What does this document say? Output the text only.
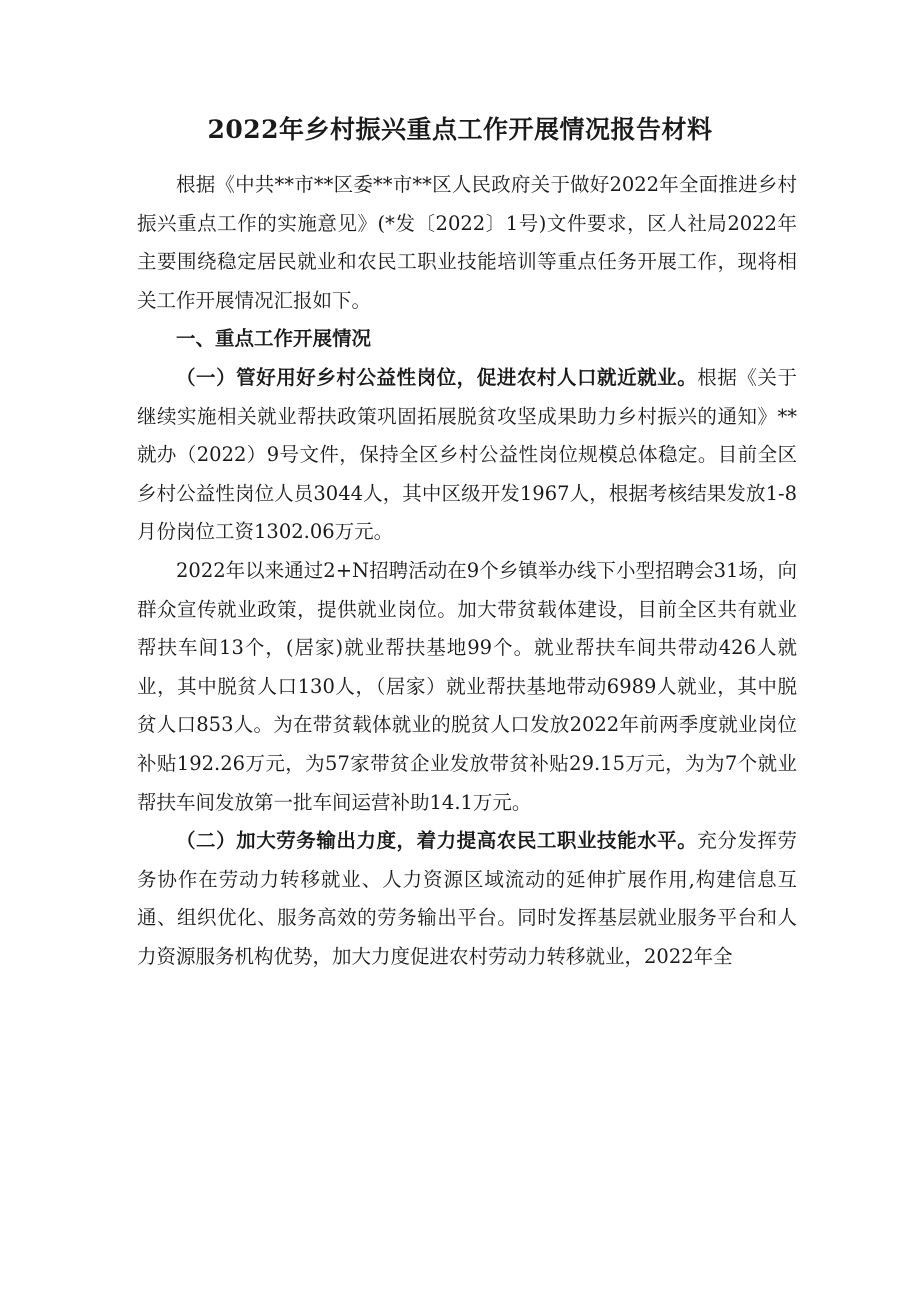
2022年乡村振兴重点工作开展情况报告材料

根据《中共**市**区委**市**区人民政府关于做好2022年全面推进乡村振兴重点工作的实施意见》(*发〔2022〕1号)文件要求，区人社局2022年主要围绕稳定居民就业和农民工职业技能培训等重点任务开展工作，现将相关工作开展情况汇报如下。

一、重点工作开展情况

（一）管好用好乡村公益性岗位，促进农村人口就近就业。根据《关于继续实施相关就业帮扶政策巩固拓展脱贫攻坚成果助力乡村振兴的通知》**就办（2022）9号文件，保持全区乡村公益性岗位规模总体稳定。目前全区乡村公益性岗位人员3044人，其中区级开发1967人，根据考核结果发放1-8月份岗位工资1302.06万元。

2022年以来通过2+N招聘活动在9个乡镇举办线下小型招聘会31场，向群众宣传就业政策，提供就业岗位。加大带贫载体建设，目前全区共有就业帮扶车间13个，(居家)就业帮扶基地99个。就业帮扶车间共带动426人就业，其中脱贫人口130人，（居家）就业帮扶基地带动6989人就业，其中脱贫人口853人。为在带贫载体就业的脱贫人口发放2022年前两季度就业岗位补贴192.26万元，为57家带贫企业发放带贫补贴29.15万元，为为7个就业帮扶车间发放第一批车间运营补助14.1万元。

（二）加大劳务输出力度，着力提高农民工职业技能水平。充分发挥劳务协作在劳动力转移就业、人力资源区域流动的延伸扩展作用,构建信息互通、组织优化、服务高效的劳务输出平台。同时发挥基层就业服务平台和人力资源服务机构优势，加大力度促进农村劳动力转移就业，2022年全
